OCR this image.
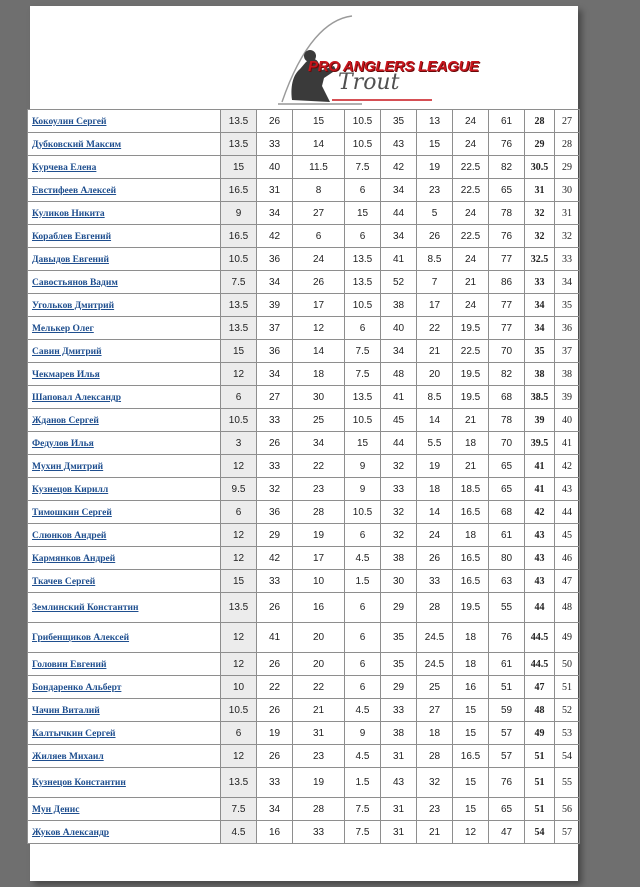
PRO ANGLERS LEAGUE
Trout
Кокоулин Сергей	13.5	26	15	10.5	35	13	24	61	28	27
Дубковский Максим	13.5	33	14	10.5	43	15	24	76	29	28
Курчева Елена	15	40	11.5	7.5	42	19	22.5	82	30.5	29
Евстифеев Алексей	16.5	31	8	6	34	23	22.5	65	31	30
Куликов Никита	9	34	27	15	44	5	24	78	32	31
Кораблев Евгений	16.5	42	6	6	34	26	22.5	76	32	32
Давыдов Евгений	10.5	36	24	13.5	41	8.5	24	77	32.5	33
Савостьянов Вадим	7.5	34	26	13.5	52	7	21	86	33	34
Угольков Дмитрий	13.5	39	17	10.5	38	17	24	77	34	35
Мелькер Олег	13.5	37	12	6	40	22	19.5	77	34	36
Савин Дмитрий	15	36	14	7.5	34	21	22.5	70	35	37
Чекмарев Илья	12	34	18	7.5	48	20	19.5	82	38	38
Шаповал Александр	6	27	30	13.5	41	8.5	19.5	68	38.5	39
Жданов Сергей	10.5	33	25	10.5	45	14	21	78	39	40
Федулов Илья	3	26	34	15	44	5.5	18	70	39.5	41
Мухин Дмитрий	12	33	22	9	32	19	21	65	41	42
Кузнецов Кирилл	9.5	32	23	9	33	18	18.5	65	41	43
Тимошкин Сергей	6	36	28	10.5	32	14	16.5	68	42	44
Слюнков Андрей	12	29	19	6	32	24	18	61	43	45
Кармянков Андрей	12	42	17	4.5	38	26	16.5	80	43	46
Ткачев Сергей	15	33	10	1.5	30	33	16.5	63	43	47
Землинский Константин	13.5	26	16	6	29	28	19.5	55	44	48
Грибенщиков Алексей	12	41	20	6	35	24.5	18	76	44.5	49
Головин Евгений	12	26	20	6	35	24.5	18	61	44.5	50
Бондаренко Альберт	10	22	22	6	29	25	16	51	47	51
Чачин Виталий	10.5	26	21	4.5	33	27	15	59	48	52
Калтычкин Сергей	6	19	31	9	38	18	15	57	49	53
Жиляев Михаил	12	26	23	4.5	31	28	16.5	57	51	54
Кузнецов Константин	13.5	33	19	1.5	43	32	15	76	51	55
Мун Денис	7.5	34	28	7.5	31	23	15	65	51	56
Жуков Александр	4.5	16	33	7.5	31	21	12	47	54	57
